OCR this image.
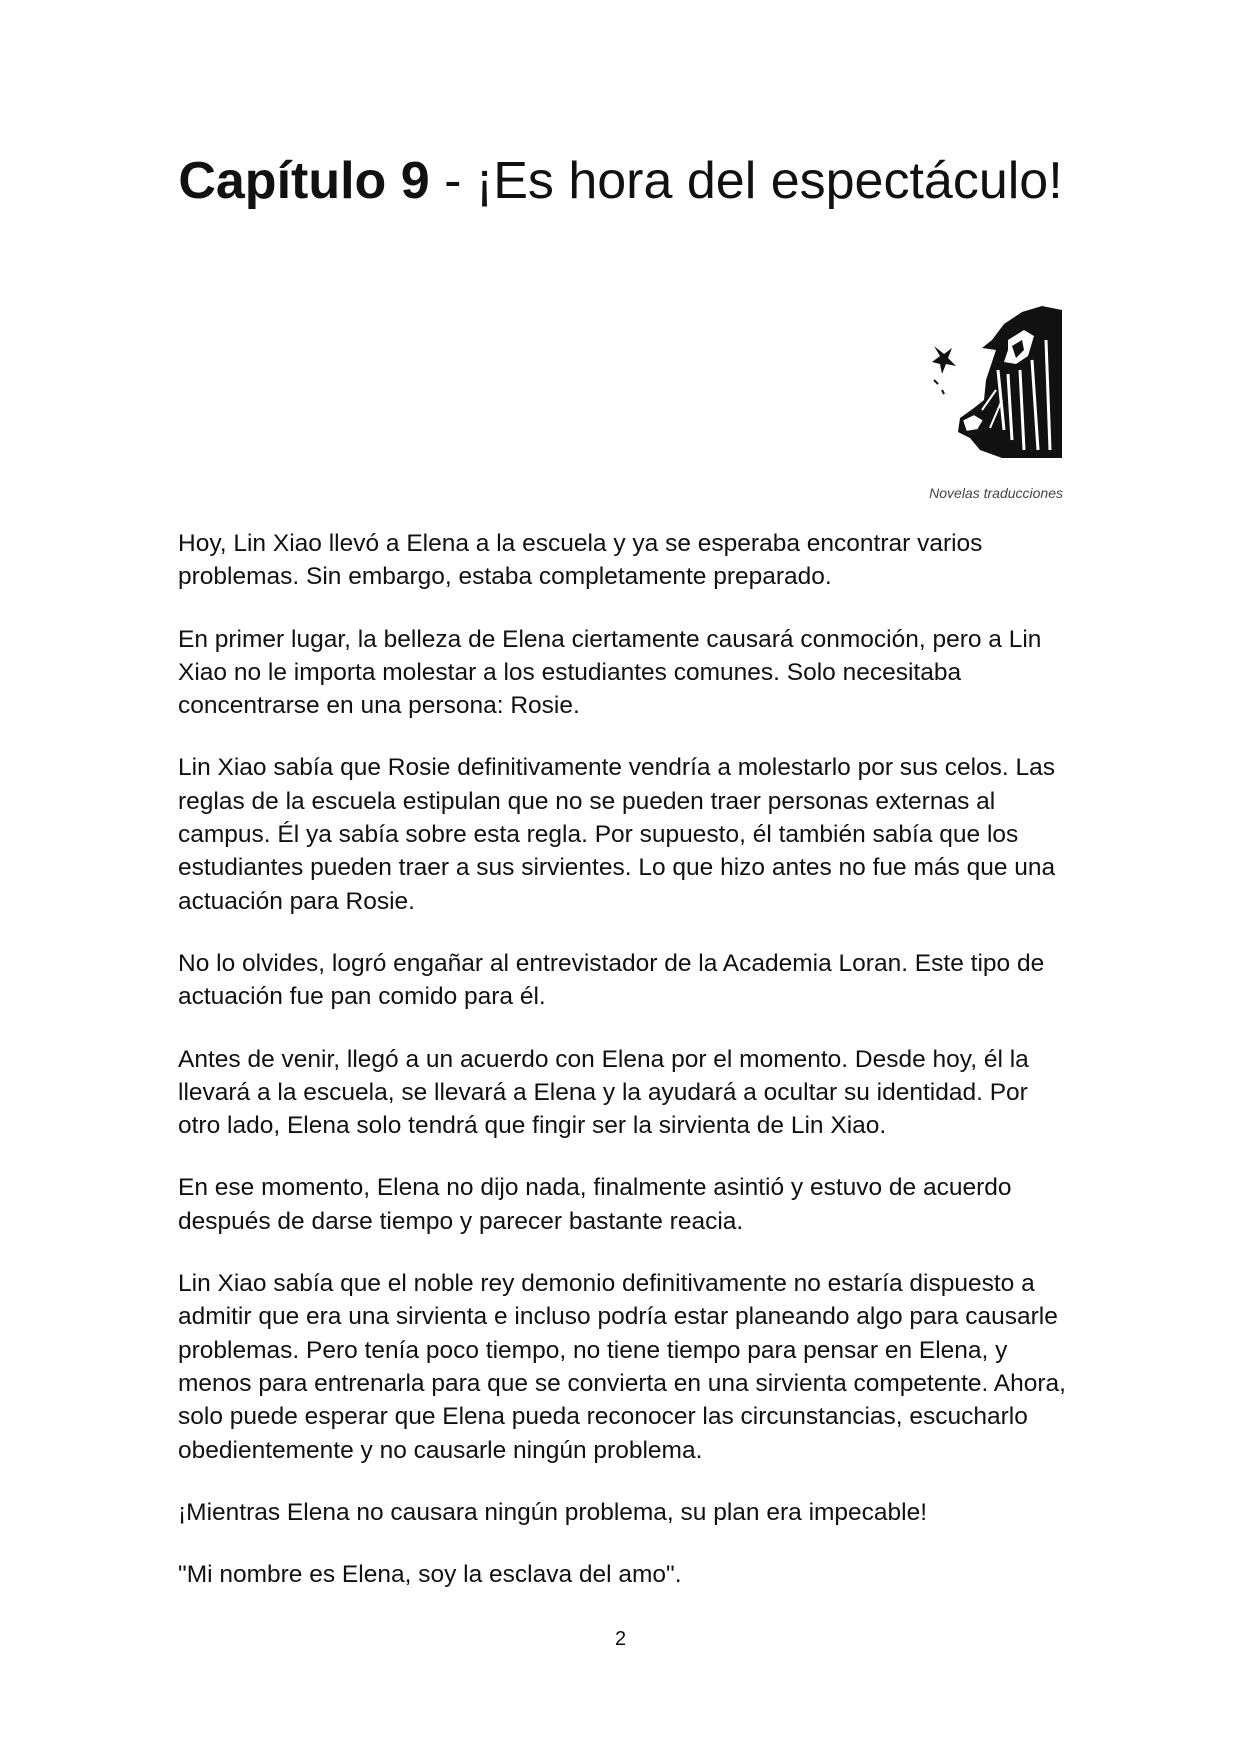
Capítulo 9 - ¡Es hora del espectáculo!
Novelas traducciones

Hoy, Lin Xiao llevó a Elena a la escuela y ya se esperaba encontrar varios problemas. Sin embargo, estaba completamente preparado.

En primer lugar, la belleza de Elena ciertamente causará conmoción, pero a Lin Xiao no le importa molestar a los estudiantes comunes. Solo necesitaba concentrarse en una persona: Rosie.

Lin Xiao sabía que Rosie definitivamente vendría a molestarlo por sus celos. Las reglas de la escuela estipulan que no se pueden traer personas externas al campus. Él ya sabía sobre esta regla. Por supuesto, él también sabía que los estudiantes pueden traer a sus sirvientes. Lo que hizo antes no fue más que una actuación para Rosie.

No lo olvides, logró engañar al entrevistador de la Academia Loran. Este tipo de actuación fue pan comido para él.

Antes de venir, llegó a un acuerdo con Elena por el momento. Desde hoy, él la llevará a la escuela, se llevará a Elena y la ayudará a ocultar su identidad. Por otro lado, Elena solo tendrá que fingir ser la sirvienta de Lin Xiao.

En ese momento, Elena no dijo nada, finalmente asintió y estuvo de acuerdo después de darse tiempo y parecer bastante reacia.

Lin Xiao sabía que el noble rey demonio definitivamente no estaría dispuesto a admitir que era una sirvienta e incluso podría estar planeando algo para causarle problemas. Pero tenía poco tiempo, no tiene tiempo para pensar en Elena, y menos para entrenarla para que se convierta en una sirvienta competente. Ahora, solo puede esperar que Elena pueda reconocer las circunstancias, escucharlo obedientemente y no causarle ningún problema.

¡Mientras Elena no causara ningún problema, su plan era impecable!

"Mi nombre es Elena, soy la esclava del amo".

2
